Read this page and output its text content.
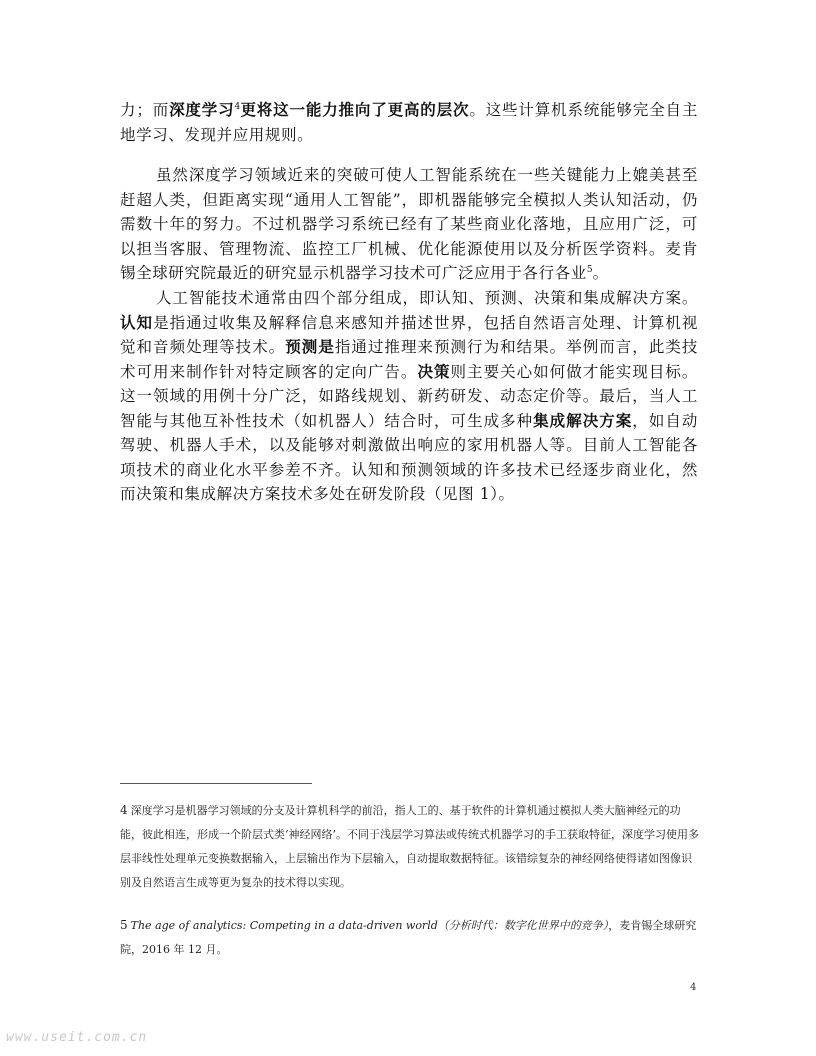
力；而深度学习$^4$更将这一能力推向了更高的层次。这些计算机系统能够完全自主地学习、发现并应用规则。

虽然深度学习领域近来的突破可使人工智能系统在一些关键能力上媲美甚至赶超人类，但距离实现“通用人工智能”，即机器能够完全模拟人类认知活动，仍需数十年的努力。不过机器学习系统已经有了某些商业化落地，且应用广泛，可以担当客服、管理物流、监控工厂机械、优化能源使用以及分析医学资料。麦肯锡全球研究院最近的研究显示机器学习技术可广泛应用于各行各业$^5$。

人工智能技术通常由四个部分组成，即认知、预测、决策和集成解决方案。认知是指通过收集及解释信息来感知并描述世界，包括自然语言处理、计算机视觉和音频处理等技术。预测是指通过推理来预测行为和结果。举例而言，此类技术可用来制作针对特定顾客的定向广告。决策则主要关心如何做才能实现目标。这一领域的用例十分广泛，如路线规划、新药研发、动态定价等。最后，当人工智能与其他互补性技术（如机器人）结合时，可生成多种集成解决方案，如自动驾驶、机器人手术，以及能够对刺激做出响应的家用机器人等。目前人工智能各项技术的商业化水平参差不齐。认知和预测领域的许多技术已经逐步商业化，然而决策和集成解决方案技术多处在研发阶段（见图 1）。

4 深度学习是机器学习领域的分支及计算机科学的前沿，指人工的、基于软件的计算机通过模拟人类大脑神经元的功能，彼此相连，形成一个阶层式类‘神经网络’。不同于浅层学习算法或传统式机器学习的手工获取特征，深度学习使用多层非线性处理单元变换数据输入，上层输出作为下层输入，自动提取数据特征。该错综复杂的神经网络使得诸如图像识别及自然语言生成等更为复杂的技术得以实现。

5 The age of analytics: Competing in a data-driven world（分析时代：数字化世界中的竞争），麦肯锡全球研究院，2016 年 12 月。

4
www.useit.com.cn
